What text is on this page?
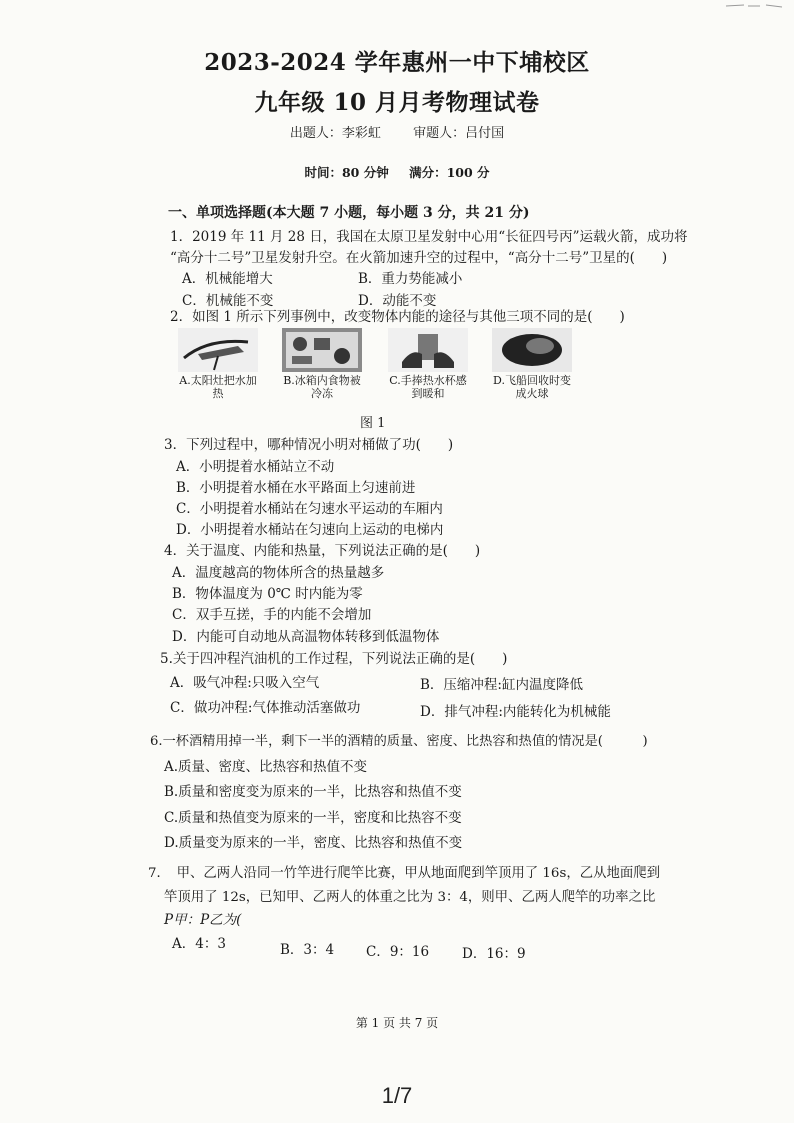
2023-2024 学年惠州一中下埔校区
九年级 10 月月考物理试卷
出题人：李彩虹 审题人：吕付国
时间：80 分钟 满分：100 分
一、单项选择题(本大题 7 小题，每小题 3 分，共 21 分)
1．2019 年 11 月 28 日，我国在太原卫星发射中心用“长征四号丙”运载火箭，成功将
“高分十二号”卫星发射升空。在火箭加速升空的过程中，“高分十二号”卫星的(　　)
A．机械能增大	B．重力势能减小
C．机械能不变	D．动能不变
2．如图 1 所示下列事例中，改变物体内能的途径与其他三项不同的是(　　)
A.太阳灶把水加热
B.冰箱内食物被冷冻
C.手捧热水杯感到暖和
D.飞船回收时变成火球
图 1
3．下列过程中，哪种情况小明对桶做了功(　　)
A．小明提着水桶站立不动
B．小明提着水桶在水平路面上匀速前进
C．小明提着水桶站在匀速水平运动的车厢内
D．小明提着水桶站在匀速向上运动的电梯内
4．关于温度、内能和热量，下列说法正确的是(　　)
A．温度越高的物体所含的热量越多
B．物体温度为 0℃ 时内能为零
C．双手互搓，手的内能不会增加
D．内能可自动地从高温物体转移到低温物体
5.关于四冲程汽油机的工作过程，下列说法正确的是(　　)
A．吸气冲程:只吸入空气	B．压缩冲程:缸内温度降低
C．做功冲程:气体推动活塞做功	D．排气冲程:内能转化为机械能
6.一杯酒精用掉一半，剩下一半的酒精的质量、密度、比热容和热值的情况是(　　　)
A.质量、密度、比热容和热值不变
B.质量和密度变为原来的一半，比热容和热值不变
C.质量和热值变为原来的一半，密度和比热容不变
D.质量变为原来的一半，密度、比热容和热值不变
7．　甲、乙两人沿同一竹竿进行爬竿比赛，甲从地面爬到竿顶用了 16s，乙从地面爬到
竿顶用了 12s，已知甲、乙两人的体重之比为 3：4，则甲、乙两人爬竿的功率之比
P甲：P乙为(
A．4：3	B．3：4 C．9：16 D．16：9
第 1 页 共 7 页
1/7
